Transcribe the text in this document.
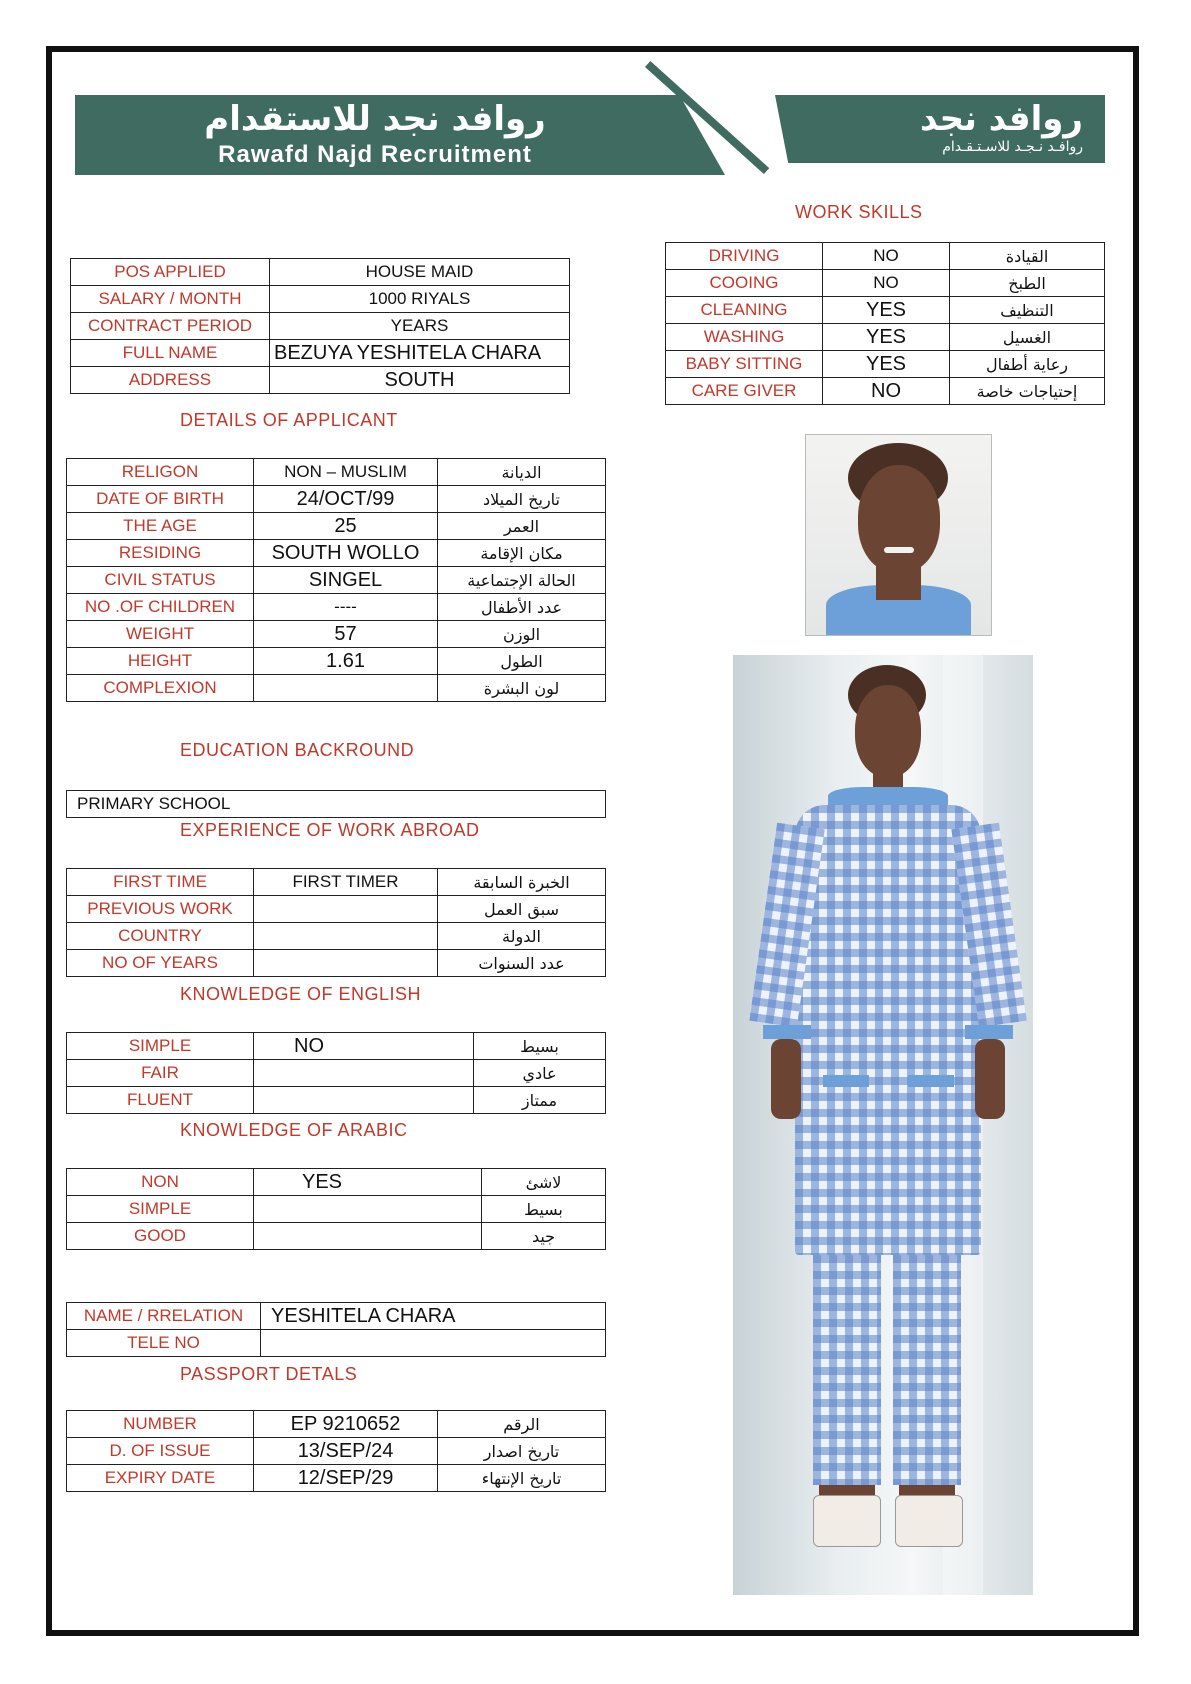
روافد نجد للاستقدام
Rawafd Najd Recruitment
روافد نجد
روافـد نـجـد للاسـتـقـدام
POS APPLIED	HOUSE MAID
SALARY / MONTH	1000 RIYALS
CONTRACT PERIOD	YEARS
FULL NAME	BEZUYA YESHITELA CHARA
ADDRESS	SOUTH
WORK SKILLS
DRIVING	NO	القيادة
COOING	NO	الطبخ
CLEANING	YES	التنظيف
WASHING	YES	الغسيل
BABY SITTING	YES	رعاية أطفال
CARE GIVER	NO	إحتياجات خاصة
DETAILS OF APPLICANT
RELIGON	NON – MUSLIM	الديانة
DATE OF BIRTH	24/OCT/99	تاريخ الميلاد
THE AGE	25	العمر
RESIDING	SOUTH WOLLO	مكان الإقامة
CIVIL STATUS	SINGEL	الحالة الإجتماعية
NO .OF CHILDREN	----	عدد الأطفال
WEIGHT	57	الوزن
HEIGHT	1.61	الطول
COMPLEXION		لون البشرة
EDUCATION BACKROUND
PRIMARY SCHOOL
EXPERIENCE OF WORK ABROAD
FIRST TIME	FIRST TIMER	الخبرة السابقة
PREVIOUS WORK		سبق العمل
COUNTRY		الدولة
NO OF YEARS		عدد السنوات
KNOWLEDGE OF ENGLISH
SIMPLE	NO	بسيط
FAIR		عادي
FLUENT		ممتاز
KNOWLEDGE OF ARABIC
NON	YES	لاشئ
SIMPLE		بسيط
GOOD		جيد
NAME / RRELATION	YESHITELA CHARA
TELE NO	
PASSPORT DETALS
NUMBER	EP 9210652	الرقم
D. OF ISSUE	13/SEP/24	تاريخ اصدار
EXPIRY DATE	12/SEP/29	تاريخ الإنتهاء
